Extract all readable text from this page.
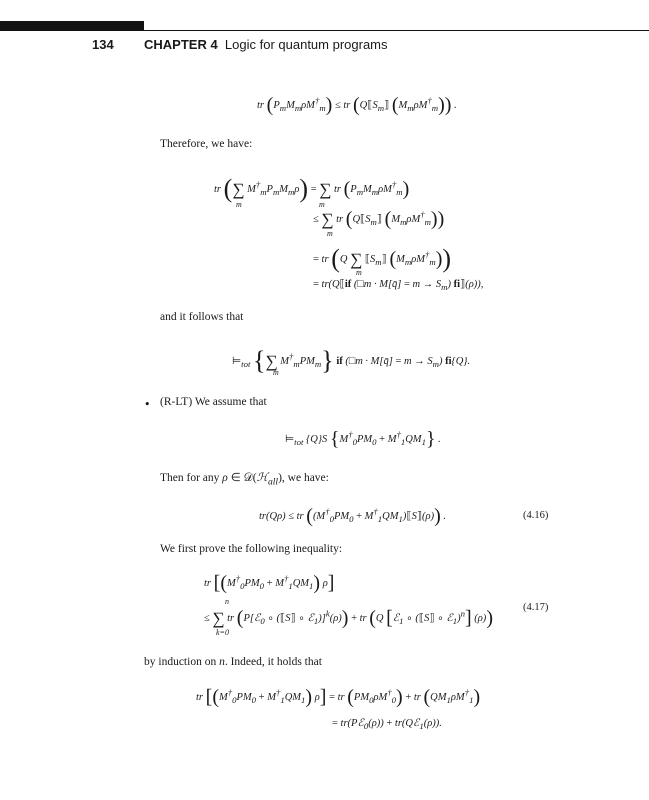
134 CHAPTER 4 Logic for quantum programs
tr $(P_mM_m\rho M^\dagger_m)$ ≤ tr ($Q⟦S_m⟧$ $(M_m\rho M^\dagger_m)$) .
Therefore, we have:
tr (∑ $M^\dagger_mP_mM_m\rho$) = ∑ tr $(P_mM_m\rho M^\dagger_m)$
m	m
≤ ∑ tr ($Q⟦S_m⟧$ $(M_m\rho M^\dagger_m)$)
m
= tr (Q ∑ $⟦S_m⟧$ $(M_m\rho M^\dagger_m)$)
m
= tr(Q⟦if (□m · M[q̄] = $m \to S_m$) fi⟧(ρ)),
and it follows that
$⊨_{tot}$ {∑ $M^\dagger_mPM_m$} if (□m · M[q̄] = $m \to S_m$) fi{Q}.
m
• (R-LT) We assume that
$⊨_{tot}$ {Q}S $\{M^\dagger_0PM_0 + M^\dagger_1QM_1\}$ .
Then for any ρ ∈ 𝒟(ℋ$_{all}$), we have:
tr(Qρ) ≤ tr (($M^\dagger_0PM_0$ + $M^\dagger_1QM_1)⟦S⟧(\rho)$) .	(4.16)
We first prove the following inequality:
tr [$(M^\dagger_0PM_0 + M^\dagger_1QM_1)$ ρ]
n
≤ ∑ tr (P[ℰ$_0$ ∘ (⟦S⟧ ∘ ℰ$_1$)]$^k$(ρ)) + tr (Q [ℰ$_1$ ∘ (⟦S⟧ ∘ ℰ$_1$)$^n$] (ρ))
k=0
(4.17)
by induction on n. Indeed, it holds that
tr $[(M^\dagger_0PM_0 + M^\dagger_1QM_1) \rho]$ = tr $(PM_0\rho M^\dagger_0)$ + tr $(QM_1\rho M^\dagger_1)$
= tr(Pℰ$_0$(ρ)) + tr(Qℰ$_1$(ρ)).
